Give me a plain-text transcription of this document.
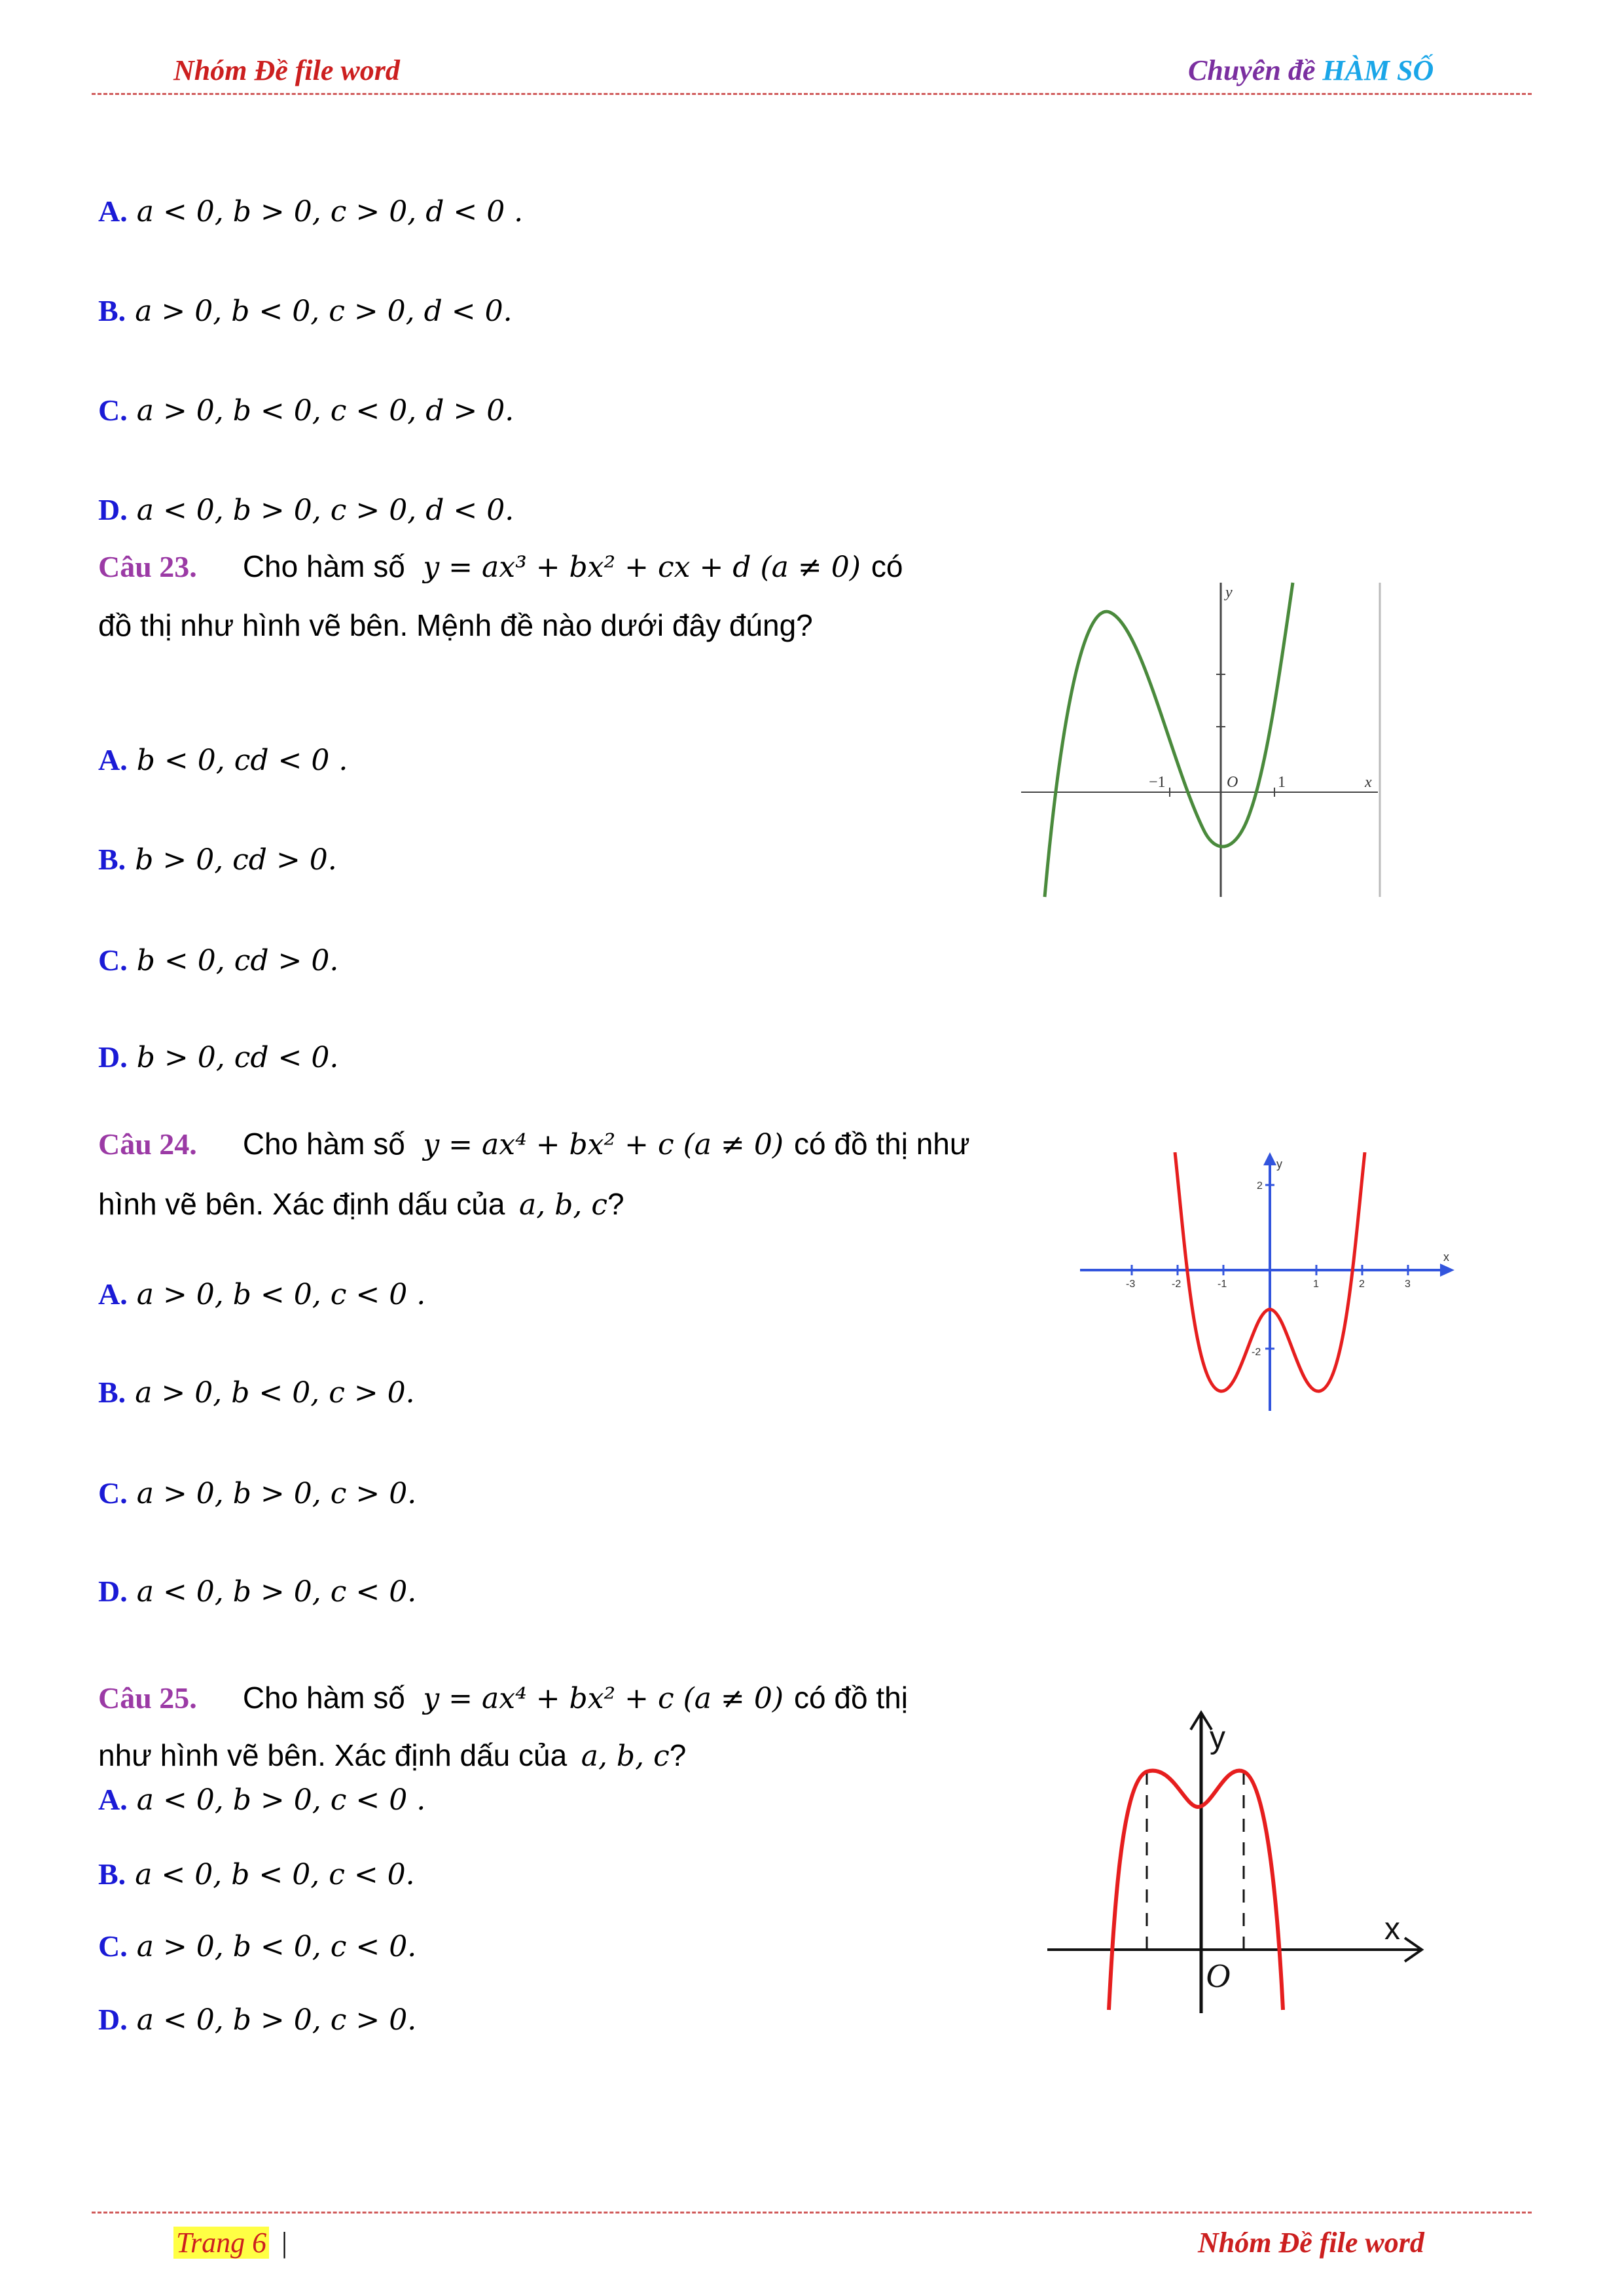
Nhóm Đề file word	Chuyên đề HÀM SỐ
A. a < 0, b > 0, c > 0, d < 0 .
B. a > 0, b < 0, c > 0, d < 0.
C. a > 0, b < 0, c < 0, d > 0.
D. a < 0, b > 0, c > 0, d < 0.
Câu 23. Cho hàm số y = ax³ + bx² + cx + d (a ≠ 0) có
đồ thị như hình vẽ bên. Mệnh đề nào dưới đây đúng?
A. b < 0, cd < 0 .
B. b > 0, cd > 0.
C. b < 0, cd > 0.
D. b > 0, cd < 0.
y
x
O
−1	1
Câu 24. Cho hàm số y = ax⁴ + bx² + c (a ≠ 0) có đồ thị như
hình vẽ bên. Xác định dấu của a, b, c?
A. a > 0, b < 0, c < 0 .
B. a > 0, b < 0, c > 0.
C. a > 0, b > 0, c > 0.
D. a < 0, b > 0, c < 0.
y
x
2
-2
-3	-2	-1	1	2	3
Câu 25. Cho hàm số y = ax⁴ + bx² + c (a ≠ 0) có đồ thị
như hình vẽ bên. Xác định dấu của a, b, c?
A. a < 0, b > 0, c < 0 .
B. a < 0, b < 0, c < 0.
C. a > 0, b < 0, c < 0.
D. a < 0, b > 0, c > 0.
y
x
O
Trang 6 |	Nhóm Đề file word
